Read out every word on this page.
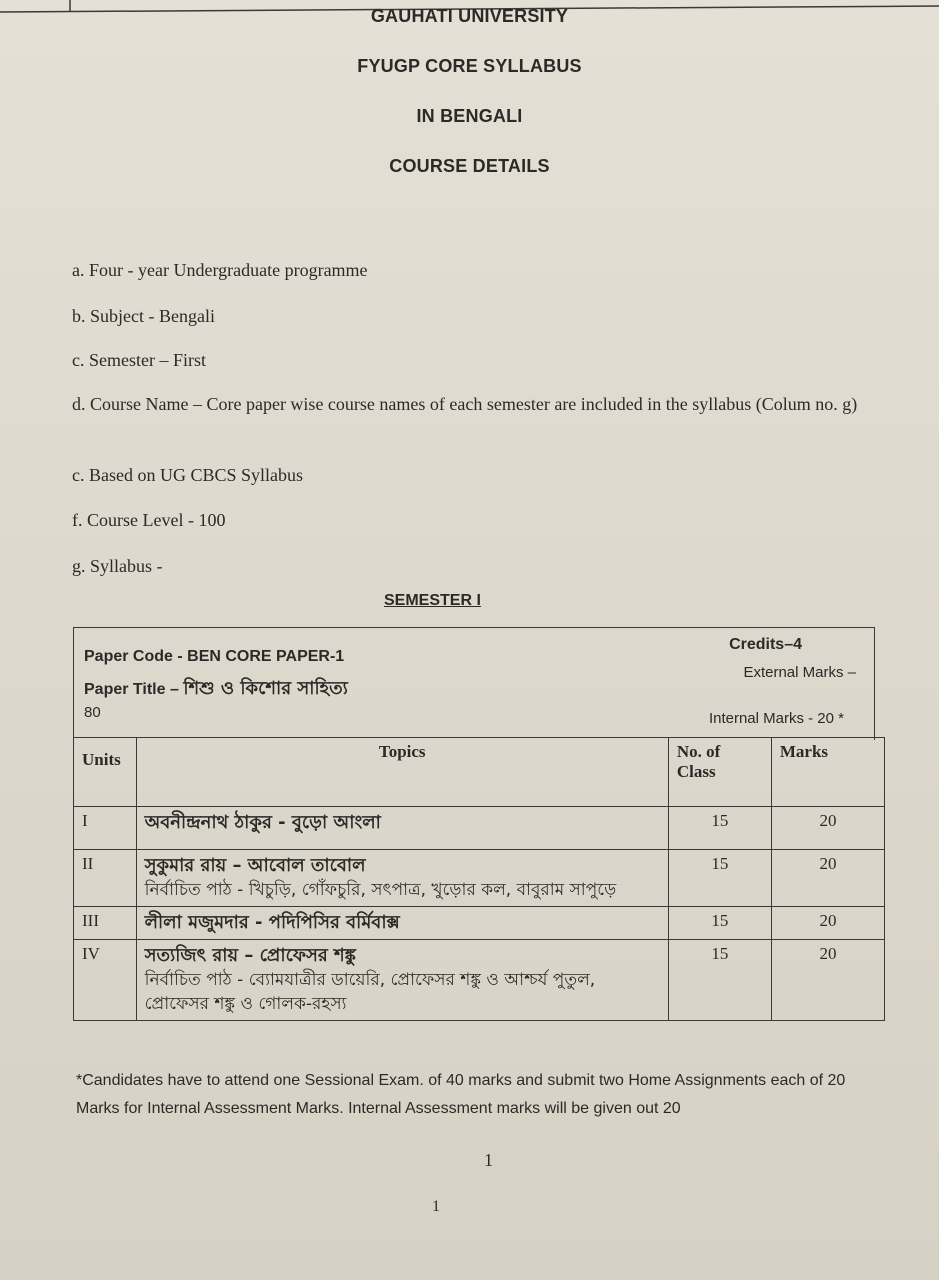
GAUHATI UNIVERSITY
FYUGP CORE SYLLABUS
IN BENGALI
COURSE DETAILS
a. Four - year Undergraduate programme
b. Subject - Bengali
c. Semester – First
d. Course Name – Core paper wise course names of each semester are included in the syllabus (Colum no. g)
c. Based on UG CBCS Syllabus
f. Course Level - 100
g. Syllabus -
SEMESTER I
Paper Code - BEN CORE PAPER-1
Paper Title – শিশু ও কিশোর সাহিত্য
80
Credits–4
External Marks –
Internal Marks - 20 *
Units	Topics	No. of Class	Marks
I	অবনীন্দ্রনাথ ঠাকুর - বুড়ো আংলা	15	20
II	সুকুমার রায় – আবোল তাবোল
নির্বাচিত পাঠ - খিচুড়ি, গোঁফচুরি, সৎপাত্র, খুড়োর কল, বাবুরাম সাপুড়ে	15	20
III	লীলা মজুমদার - পদিপিসির বর্মিবাক্স	15	20
IV	সত্যজিৎ রায় – প্রোফেসর শঙ্কু
নির্বাচিত পাঠ - ব্যোমযাত্রীর ডায়েরি, প্রোফেসর শঙ্কু ও আশ্চর্য পুতুল, প্রোফেসর শঙ্কু ও গোলক-রহস্য	15	20
*Candidates have to attend one Sessional Exam. of 40 marks and submit two Home Assignments each of 20 Marks for Internal Assessment Marks. Internal Assessment marks will be given out 20
1
1
